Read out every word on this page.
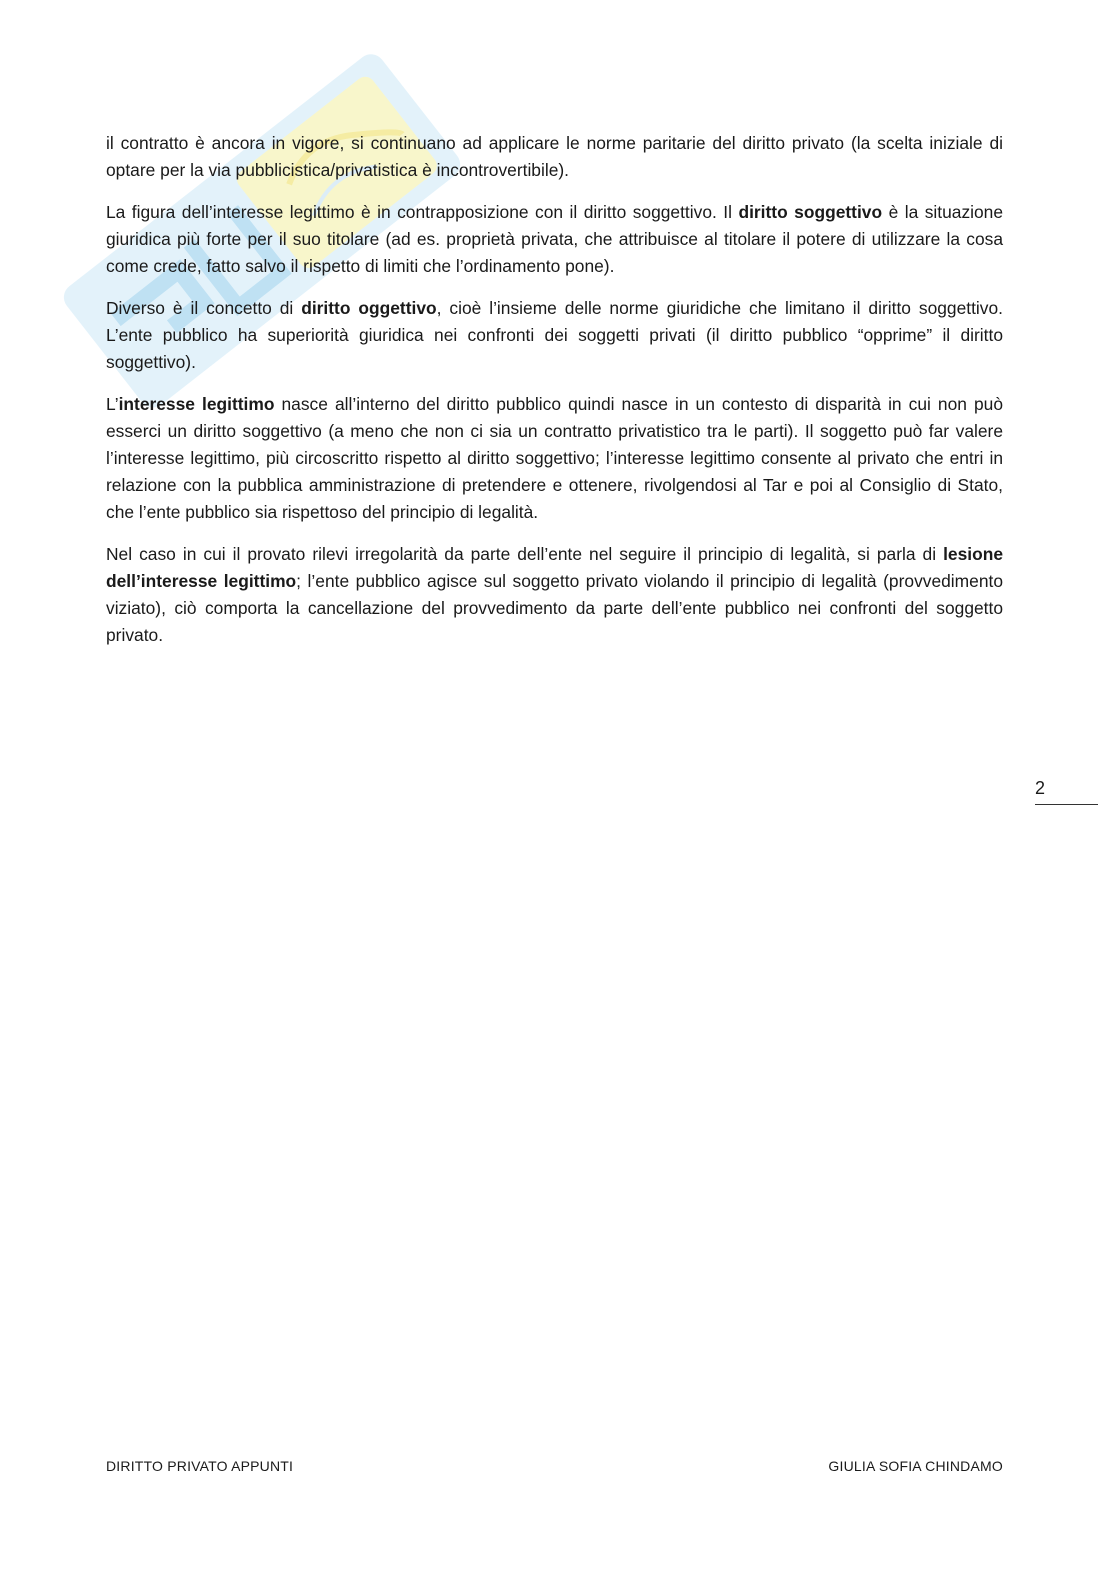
il contratto è ancora in vigore, si continuano ad applicare le norme paritarie del diritto privato (la scelta iniziale di optare per la via pubblicistica/privatistica è incontrovertibile).

La figura dell’interesse legittimo è in contrapposizione con il diritto soggettivo. Il diritto soggettivo è la situazione giuridica più forte per il suo titolare (ad es. proprietà privata, che attribuisce al titolare il potere di utilizzare la cosa come crede, fatto salvo il rispetto di limiti che l’ordinamento pone).

Diverso è il concetto di diritto oggettivo, cioè l’insieme delle norme giuridiche che limitano il diritto soggettivo. L’ente pubblico ha superiorità giuridica nei confronti dei soggetti privati (il diritto pubblico “opprime” il diritto soggettivo).

L’interesse legittimo nasce all’interno del diritto pubblico quindi nasce in un contesto di disparità in cui non può esserci un diritto soggettivo (a meno che non ci sia un contratto privatistico tra le parti). Il soggetto può far valere l’interesse legittimo, più circoscritto rispetto al diritto soggettivo; l’interesse legittimo consente al privato che entri in relazione con la pubblica amministrazione di pretendere e ottenere, rivolgendosi al Tar e poi al Consiglio di Stato, che l’ente pubblico sia rispettoso del principio di legalità.

Nel caso in cui il provato rilevi irregolarità da parte dell’ente nel seguire il principio di legalità, si parla di lesione dell’interesse legittimo; l’ente pubblico agisce sul soggetto privato violando il principio di legalità (provvedimento viziato), ciò comporta la cancellazione del provvedimento da parte dell’ente pubblico nei confronti del soggetto privato.

2
DIRITTO PRIVATO APPUNTI	GIULIA SOFIA CHINDAMO
